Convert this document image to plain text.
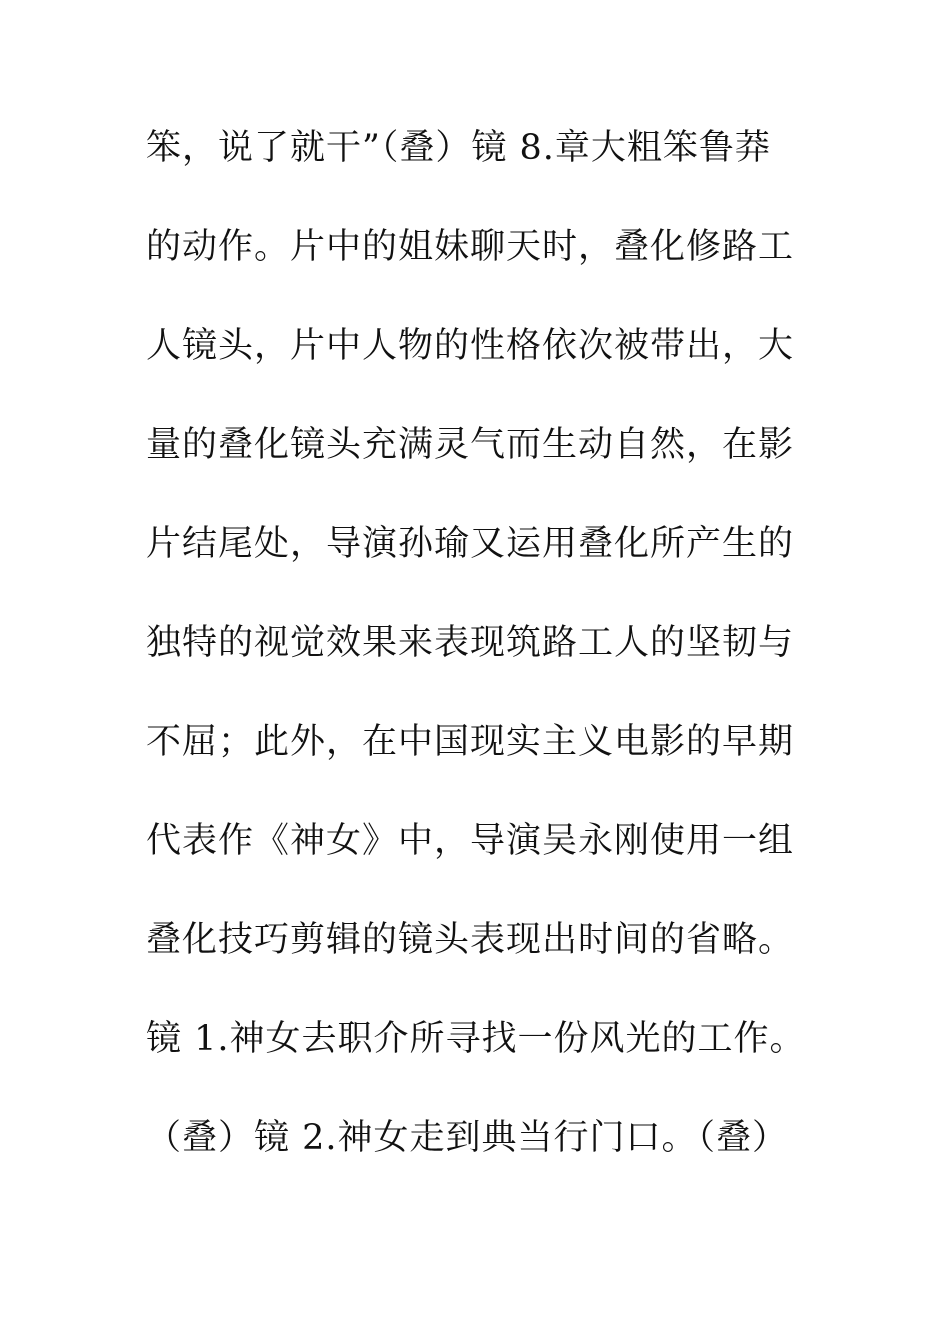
笨，说了就干”（叠）镜 8.章大粗笨鲁莽
的动作。片中的姐妹聊天时，叠化修路工
人镜头，片中人物的性格依次被带出，大
量的叠化镜头充满灵气而生动自然，在影
片结尾处，导演孙瑜又运用叠化所产生的
独特的视觉效果来表现筑路工人的坚韧与
不屈；此外，在中国现实主义电影的早期
代表作《神女》中，导演吴永刚使用一组
叠化技巧剪辑的镜头表现出时间的省略。
镜 1.神女去职介所寻找一份风光的工作。
（叠）镜 2.神女走到典当行门口。（叠）
